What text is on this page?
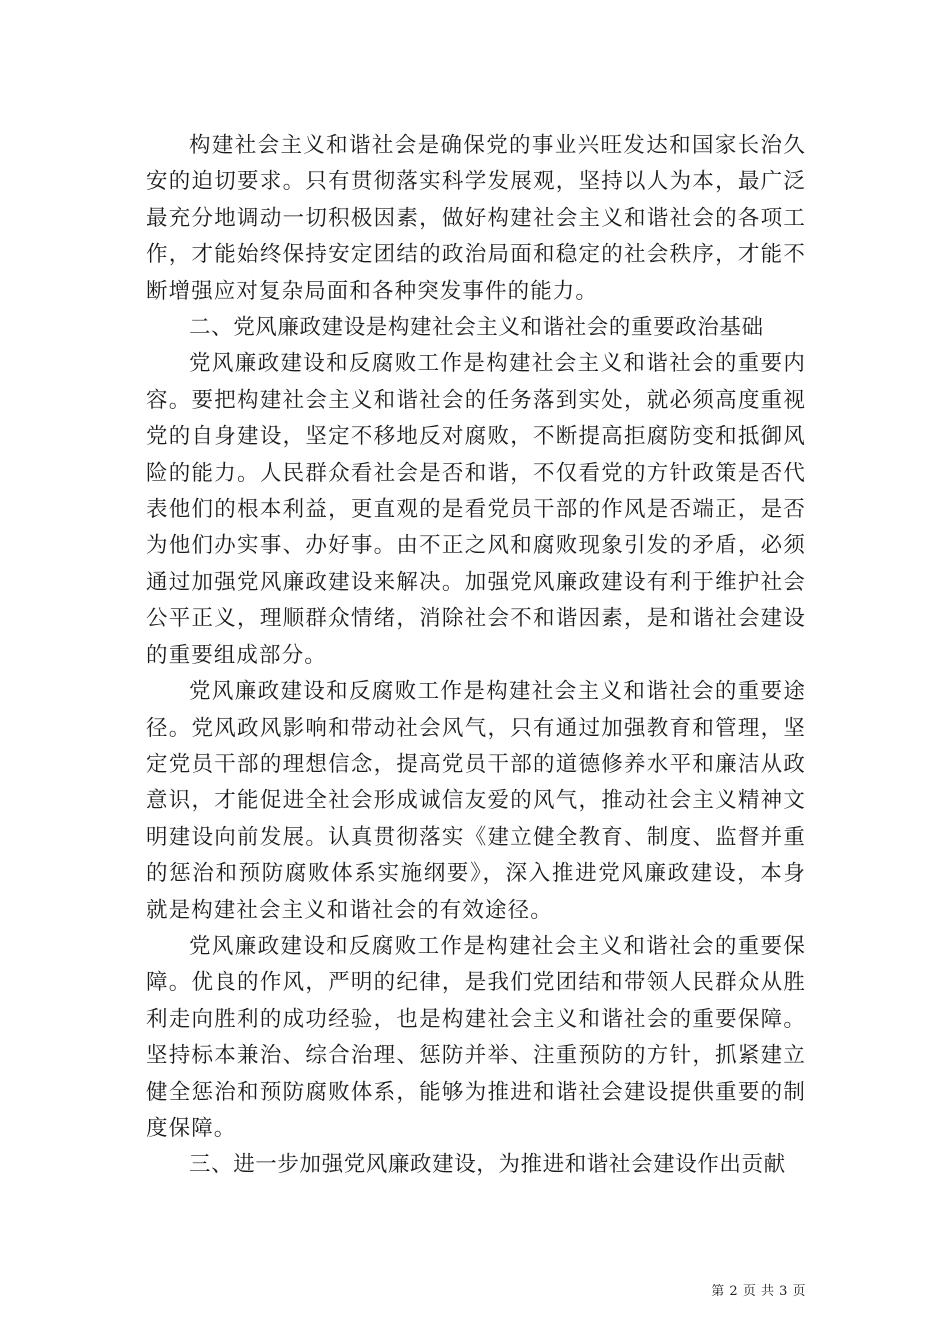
构建社会主义和谐社会是确保党的事业兴旺发达和国家长治久安的迫切要求。只有贯彻落实科学发展观，坚持以人为本，最广泛最充分地调动一切积极因素，做好构建社会主义和谐社会的各项工作，才能始终保持安定团结的政治局面和稳定的社会秩序，才能不断增强应对复杂局面和各种突发事件的能力。

二、党风廉政建设是构建社会主义和谐社会的重要政治基础

党风廉政建设和反腐败工作是构建社会主义和谐社会的重要内容。要把构建社会主义和谐社会的任务落到实处，就必须高度重视党的自身建设，坚定不移地反对腐败，不断提高拒腐防变和抵御风险的能力。人民群众看社会是否和谐，不仅看党的方针政策是否代表他们的根本利益，更直观的是看党员干部的作风是否端正，是否为他们办实事、办好事。由不正之风和腐败现象引发的矛盾，必须通过加强党风廉政建设来解决。加强党风廉政建设有利于维护社会公平正义，理顺群众情绪，消除社会不和谐因素，是和谐社会建设的重要组成部分。

党风廉政建设和反腐败工作是构建社会主义和谐社会的重要途径。党风政风影响和带动社会风气，只有通过加强教育和管理，坚定党员干部的理想信念，提高党员干部的道德修养水平和廉洁从政意识，才能促进全社会形成诚信友爱的风气，推动社会主义精神文明建设向前发展。认真贯彻落实《建立健全教育、制度、监督并重的惩治和预防腐败体系实施纲要》，深入推进党风廉政建设，本身就是构建社会主义和谐社会的有效途径。

党风廉政建设和反腐败工作是构建社会主义和谐社会的重要保障。优良的作风，严明的纪律，是我们党团结和带领人民群众从胜利走向胜利的成功经验，也是构建社会主义和谐社会的重要保障。坚持标本兼治、综合治理、惩防并举、注重预防的方针，抓紧建立健全惩治和预防腐败体系，能够为推进和谐社会建设提供重要的制度保障。

三、进一步加强党风廉政建设，为推进和谐社会建设作出贡献

第 2 页 共 3 页
